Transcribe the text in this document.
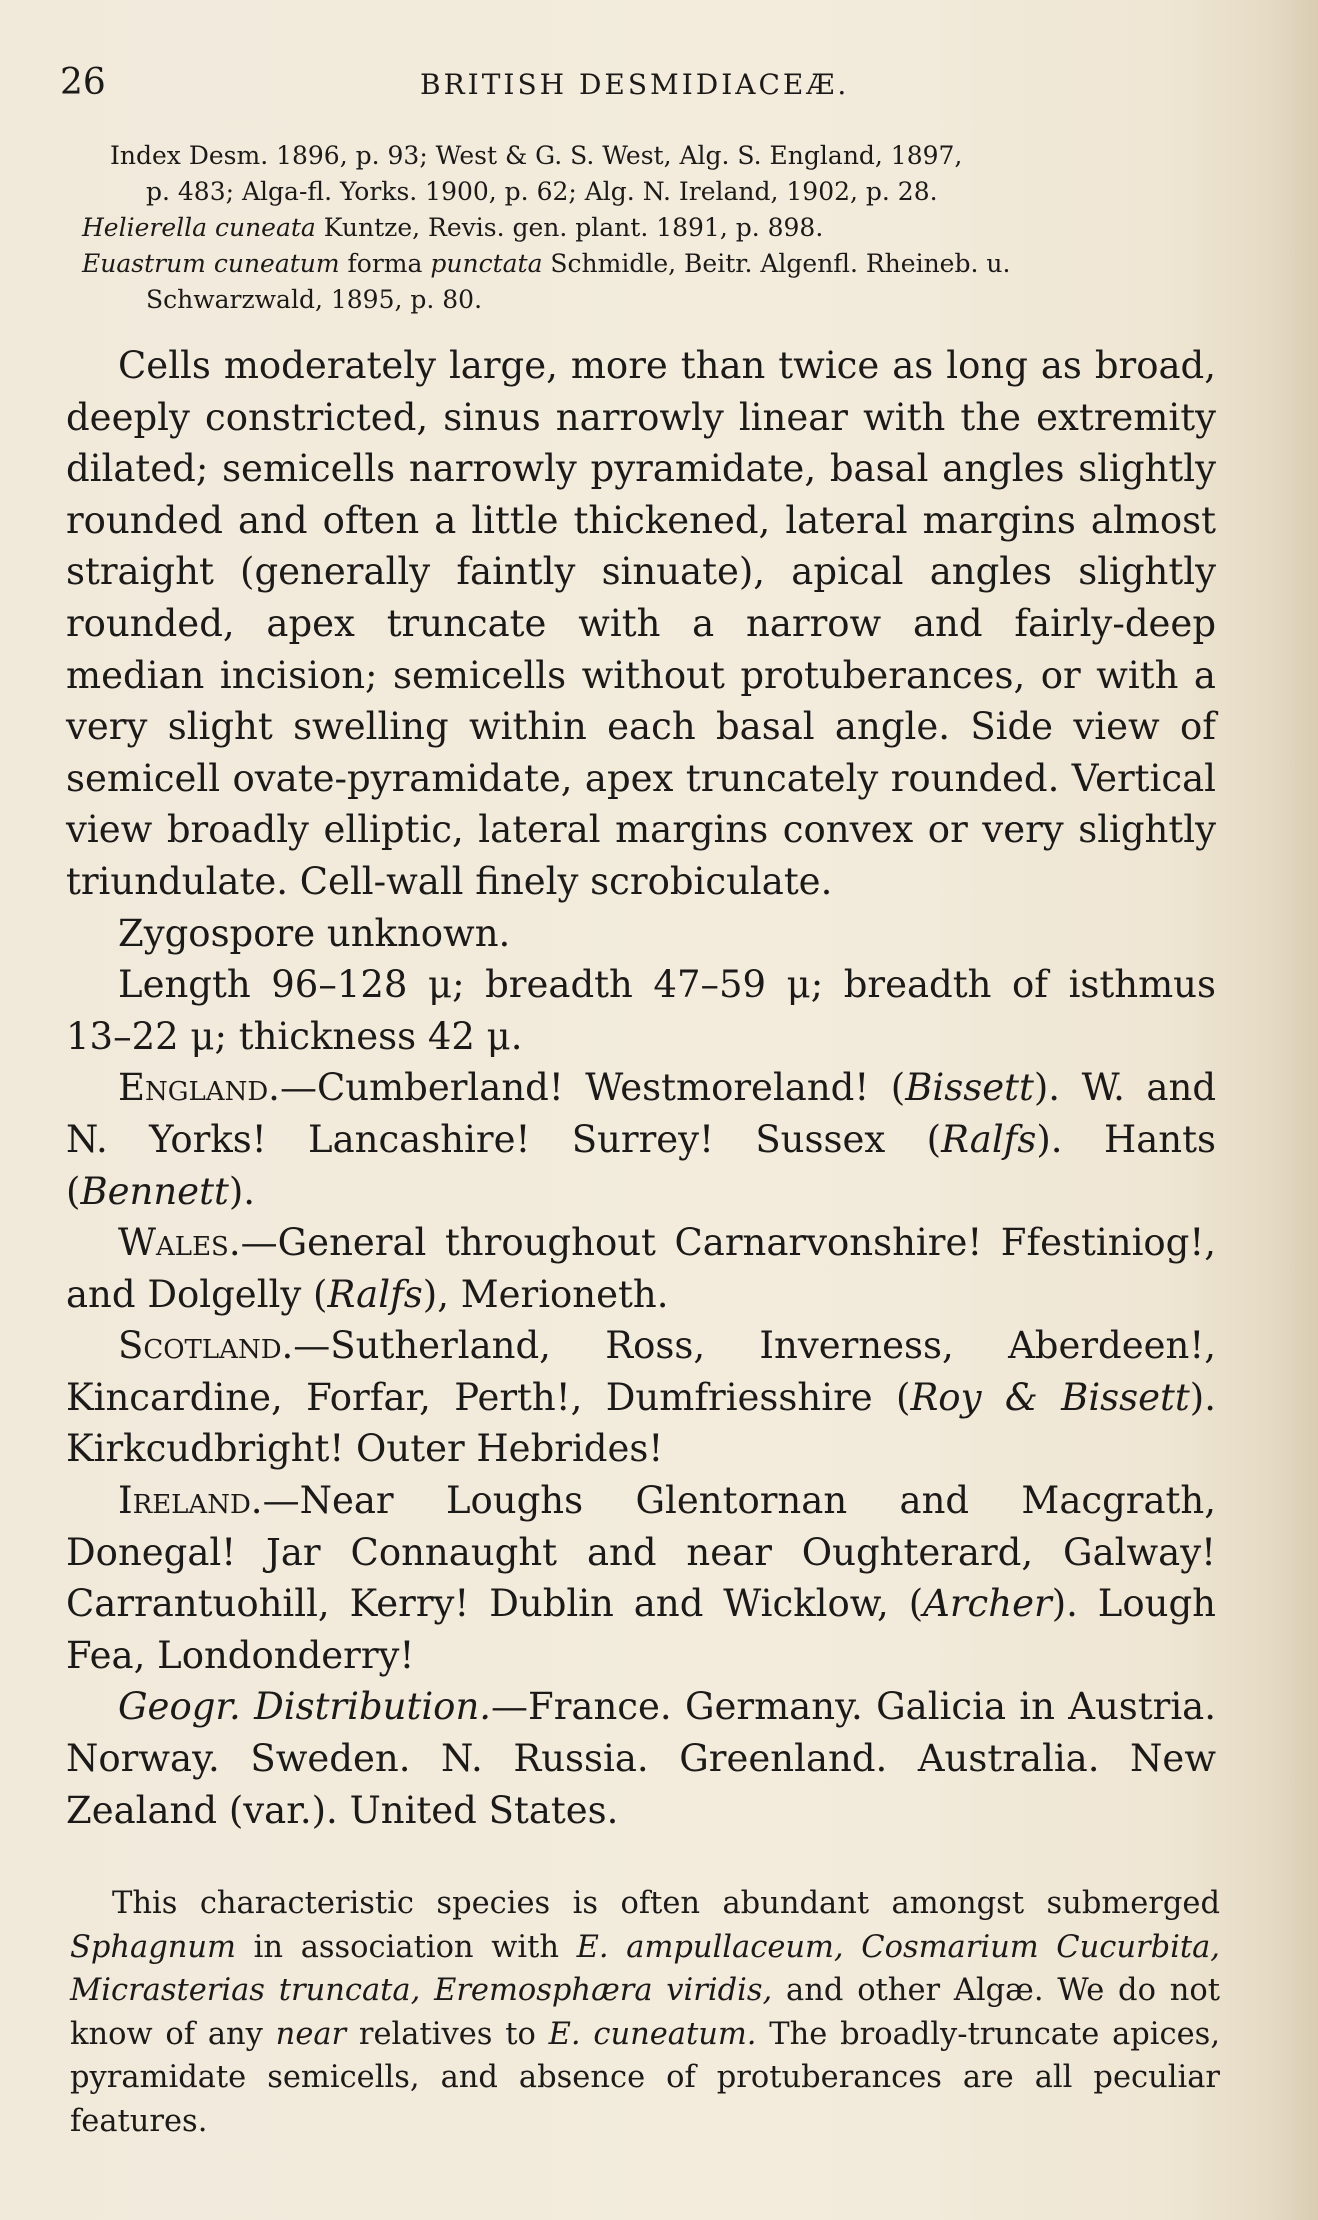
26	BRITISH DESMIDIACEÆ.
Index Desm. 1896, p. 93; West & G. S. West, Alg. S. England, 1897,
p. 483; Alga-fl. Yorks. 1900, p. 62; Alg. N. Ireland, 1902, p. 28.
Helierella cuneata Kuntze, Revis. gen. plant. 1891, p. 898.
Euastrum cuneatum forma punctata Schmidle, Beitr. Algenfl. Rheineb. u.
Schwarzwald, 1895, p. 80.

Cells moderately large, more than twice as long as broad, deeply constricted, sinus narrowly linear with the extremity dilated; semicells narrowly pyramidate, basal angles slightly rounded and often a little thickened, lateral margins almost straight (generally faintly sinuate), apical angles slightly rounded, apex truncate with a narrow and fairly-deep median incision; semicells without protuberances, or with a very slight swelling within each basal angle. Side view of semicell ovate-pyramidate, apex truncately rounded. Vertical view broadly elliptic, lateral margins convex or very slightly triundulate. Cell-wall finely scrobiculate.

Zygospore unknown.

Length 96–128 μ; breadth 47–59 μ; breadth of isthmus 13–22 μ; thickness 42 μ.

England.—Cumberland! Westmoreland! (Bissett). W. and N. Yorks! Lancashire! Surrey! Sussex (Ralfs). Hants (Bennett).

Wales.—General throughout Carnarvonshire! Ffestiniog!, and Dolgelly (Ralfs), Merioneth.

Scotland.—Sutherland, Ross, Inverness, Aberdeen!, Kincardine, Forfar, Perth!, Dumfriesshire (Roy & Bissett). Kirkcudbright! Outer Hebrides!

Ireland.—Near Loughs Glentornan and Macgrath, Donegal! Jar Connaught and near Oughterard, Galway! Carrantuohill, Kerry! Dublin and Wicklow, (Archer). Lough Fea, Londonderry!

Geogr. Distribution.—France. Germany. Galicia in Austria. Norway. Sweden. N. Russia. Greenland. Australia. New Zealand (var.). United States.

This characteristic species is often abundant amongst submerged Sphagnum in association with E. ampullaceum, Cosmarium Cucurbita, Micrasterias truncata, Eremosphæra viridis, and other Algæ. We do not know of any near relatives to E. cuneatum. The broadly-truncate apices, pyramidate semicells, and absence of protuberances are all peculiar features.
